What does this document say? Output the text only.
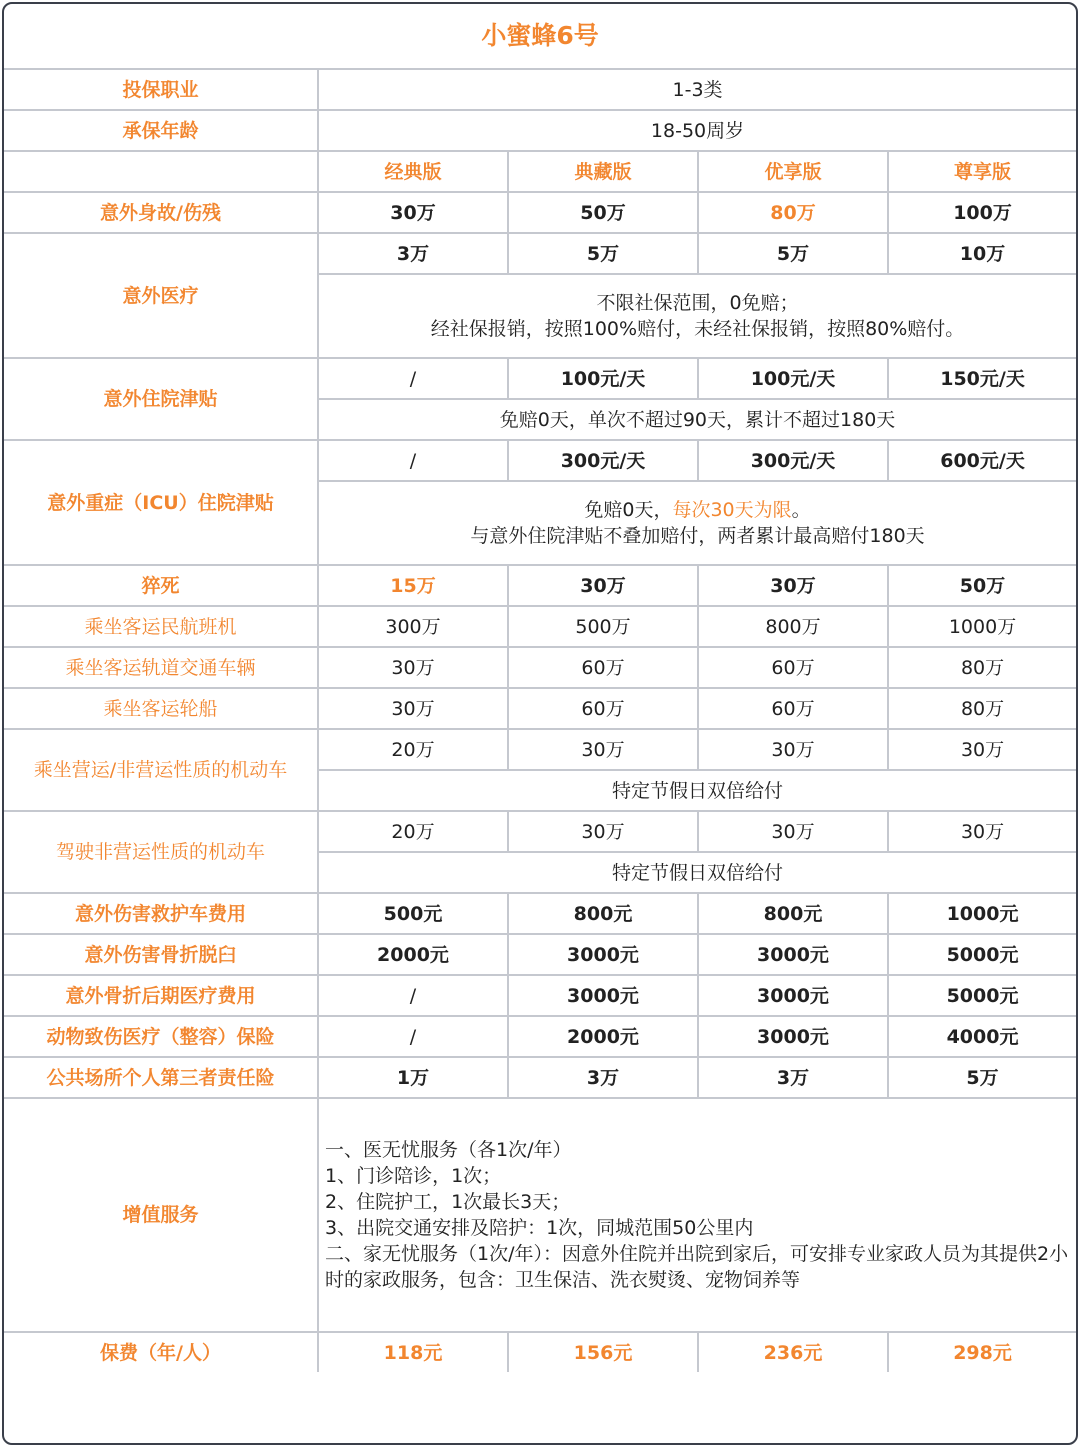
小蜜蜂6号				
投保职业	1-3类			
承保年龄	18-50周岁			
	经典版	典藏版	优享版	尊享版
意外身故/伤残	30万	50万	80万	100万
意外医疗	3万	5万	5万	10万

	不限社保范围，0免赔；
经社保报销，按照100%赔付，未经社保报销，按照80%赔付。			

意外住院津贴	/	100元/天	100元/天	150元/天
	免赔0天，单次不超过90天，累计不超过180天			
意外重症（ICU）住院津贴	/	300元/天	300元/天	600元/天

	免赔0天，每次30天为限。
与意外住院津贴不叠加赔付，两者累计最高赔付180天			

猝死	15万	30万	30万	50万
乘坐客运民航班机	300万	500万	800万	1000万
乘坐客运轨道交通车辆	30万	60万	60万	80万
乘坐客运轮船	30万	60万	60万	80万
乘坐营运/非营运性质的机动车	20万	30万	30万	30万
	特定节假日双倍给付			
驾驶非营运性质的机动车	20万	30万	30万	30万
	特定节假日双倍给付			
意外伤害救护车费用	500元	800元	800元	1000元
意外伤害骨折脱臼	2000元	3000元	3000元	5000元
意外骨折后期医疗费用	/	3000元	3000元	5000元
动物致伤医疗（整容）保险	/	2000元	3000元	4000元
公共场所个人第三者责任险	1万	3万	3万	5万
增值服务	一、医无忧服务（各1次/年）
1、门诊陪诊，1次；
2、住院护工，1次最长3天；
3、出院交通安排及陪护：1次，同城范围50公里内
二、家无忧服务（1次/年）：因意外住院并出院到家后，可安排专业家政人员为其提供2小时的家政服务，包含：卫生保洁、洗衣熨烫、宠物饲养等			

保费（年/人）	118元	156元	236元	298元
